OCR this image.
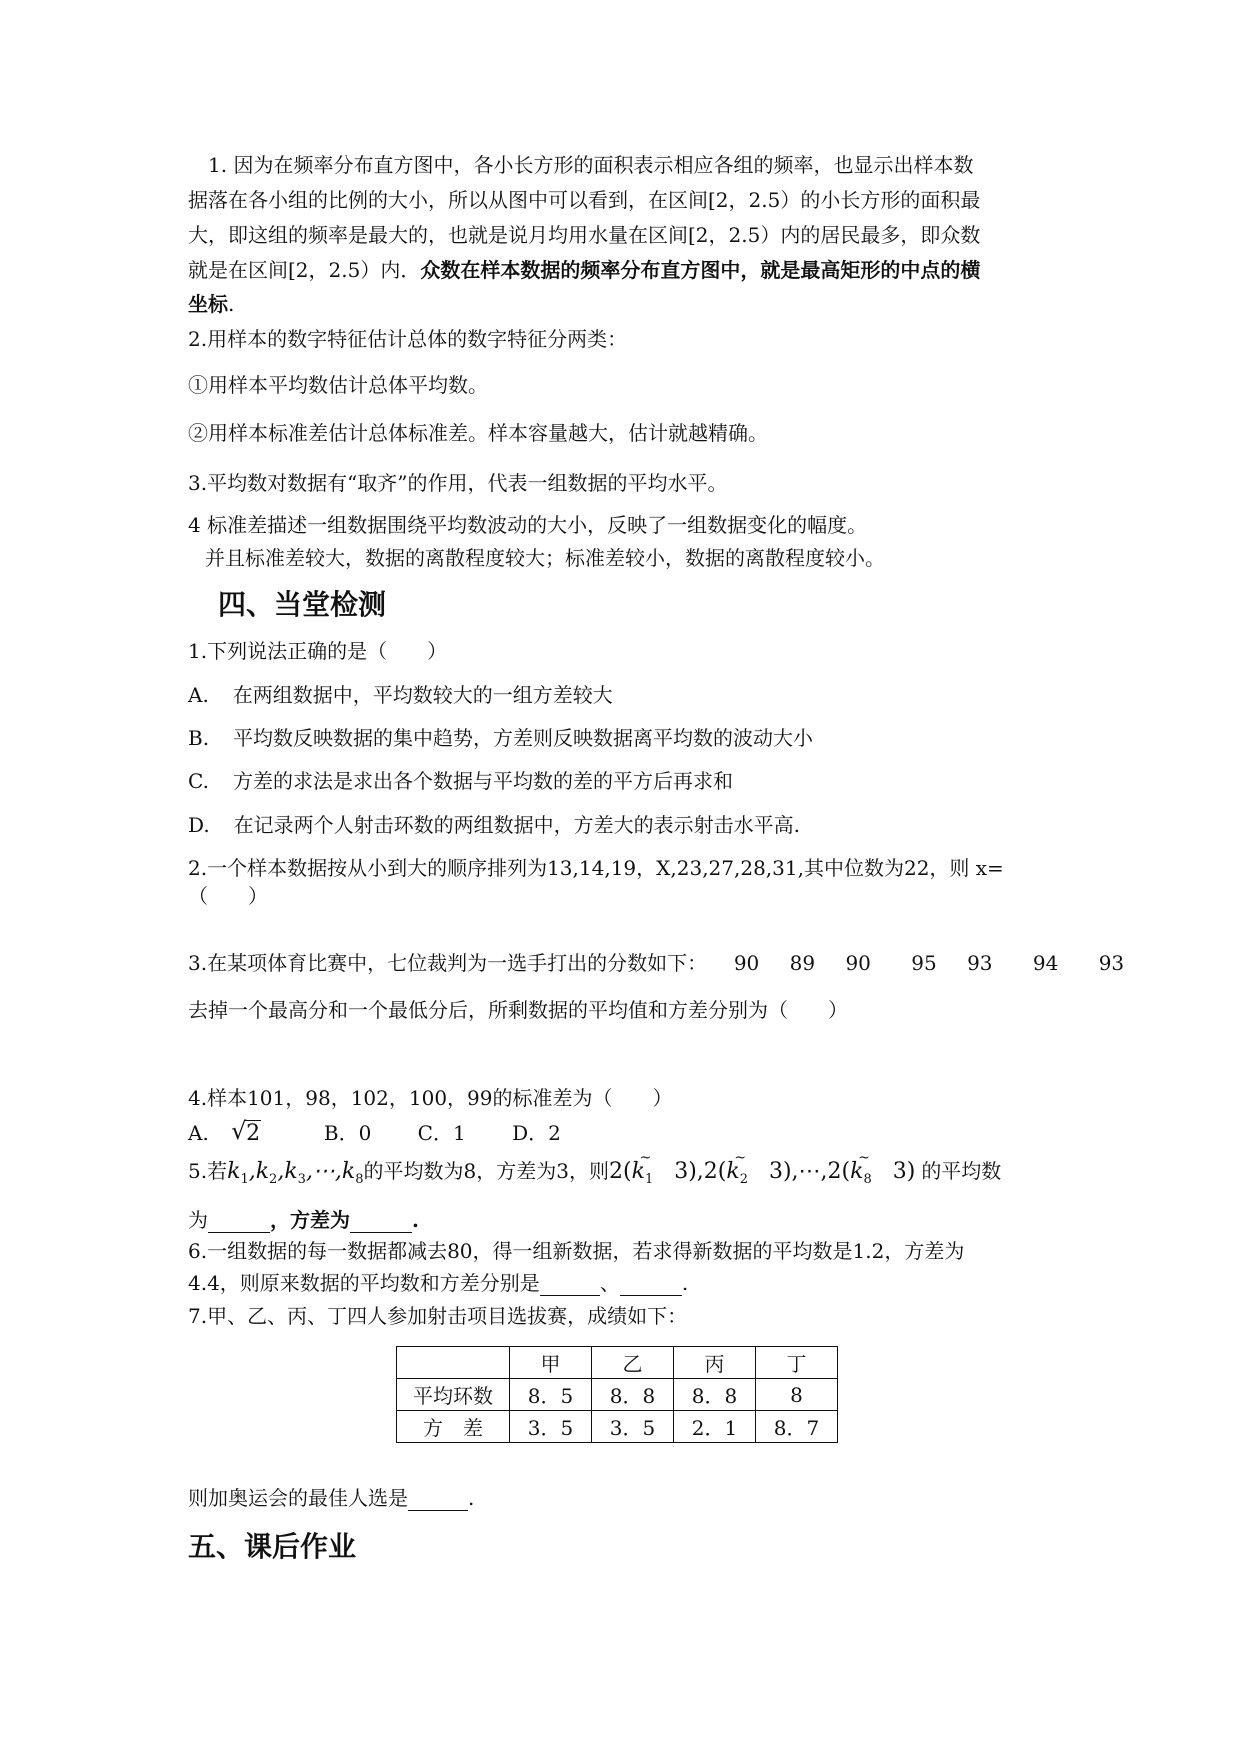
1. 因为在频率分布直方图中，各小长方形的面积表示相应各组的频率，也显示出样本数
据落在各小组的比例的大小，所以从图中可以看到，在区间[2，2.5）的小长方形的面积最
大，即这组的频率是最大的，也就是说月均用水量在区间[2，2.5）内的居民最多，即众数
就是在区间[2，2.5）内．众数在样本数据的频率分布直方图中，就是最高矩形的中点的横
坐标.
2.用样本的数字特征估计总体的数字特征分两类：
①用样本平均数估计总体平均数。
②用样本标准差估计总体标准差。样本容量越大，估计就越精确。
3.平均数对数据有“取齐”的作用，代表一组数据的平均水平。
4 标准差描述一组数据围绕平均数波动的大小，反映了一组数据变化的幅度。
并且标准差较大，数据的离散程度较大；标准差较小，数据的离散程度较小。
四、当堂检测
1.下列说法正确的是（　　）
A. 在两组数据中，平均数较大的一组方差较大
B. 平均数反映数据的集中趋势，方差则反映数据离平均数的波动大小
C. 方差的求法是求出各个数据与平均数的差的平方后再求和
D. 在记录两个人射击环数的两组数据中，方差大的表示射击水平高.
2.一个样本数据按从小到大的顺序排列为13,14,19，X,23,27,28,31,其中位数为22，则 x=
（　　）
3.在某项体育比赛中，七位裁判为一选手打出的分数如下： 90 89 90 95 93 94 93
去掉一个最高分和一个最低分后，所剩数据的平均值和方差分别为（　　）
4.样本101，98，102，100，99的标准差为（　　）
A. √ 2	B．0 C．1 D．2
5.若$k_1,k_2,k_3,\cdots,k_8$的平均数为8，方差为3，则2(~ $k_1$   3),2(~ $k_2$   3),⋯,2(~ $k_8$   3) 的平均数
为	，方差为	.
6.一组数据的每一数据都减去80，得一组新数据，若求得新数据的平均数是1.2，方差为
4.4，则原来数据的平均数和方差分别是	、	.
7.甲、乙、丙、丁四人参加射击项目选拔赛，成绩如下：
	甲	乙	丙	丁
平均环数	8．5	8．8	8．8	8
方　差	3．5	3．5	2．1	8．7
则加奥运会的最佳人选是	.
五、课后作业
